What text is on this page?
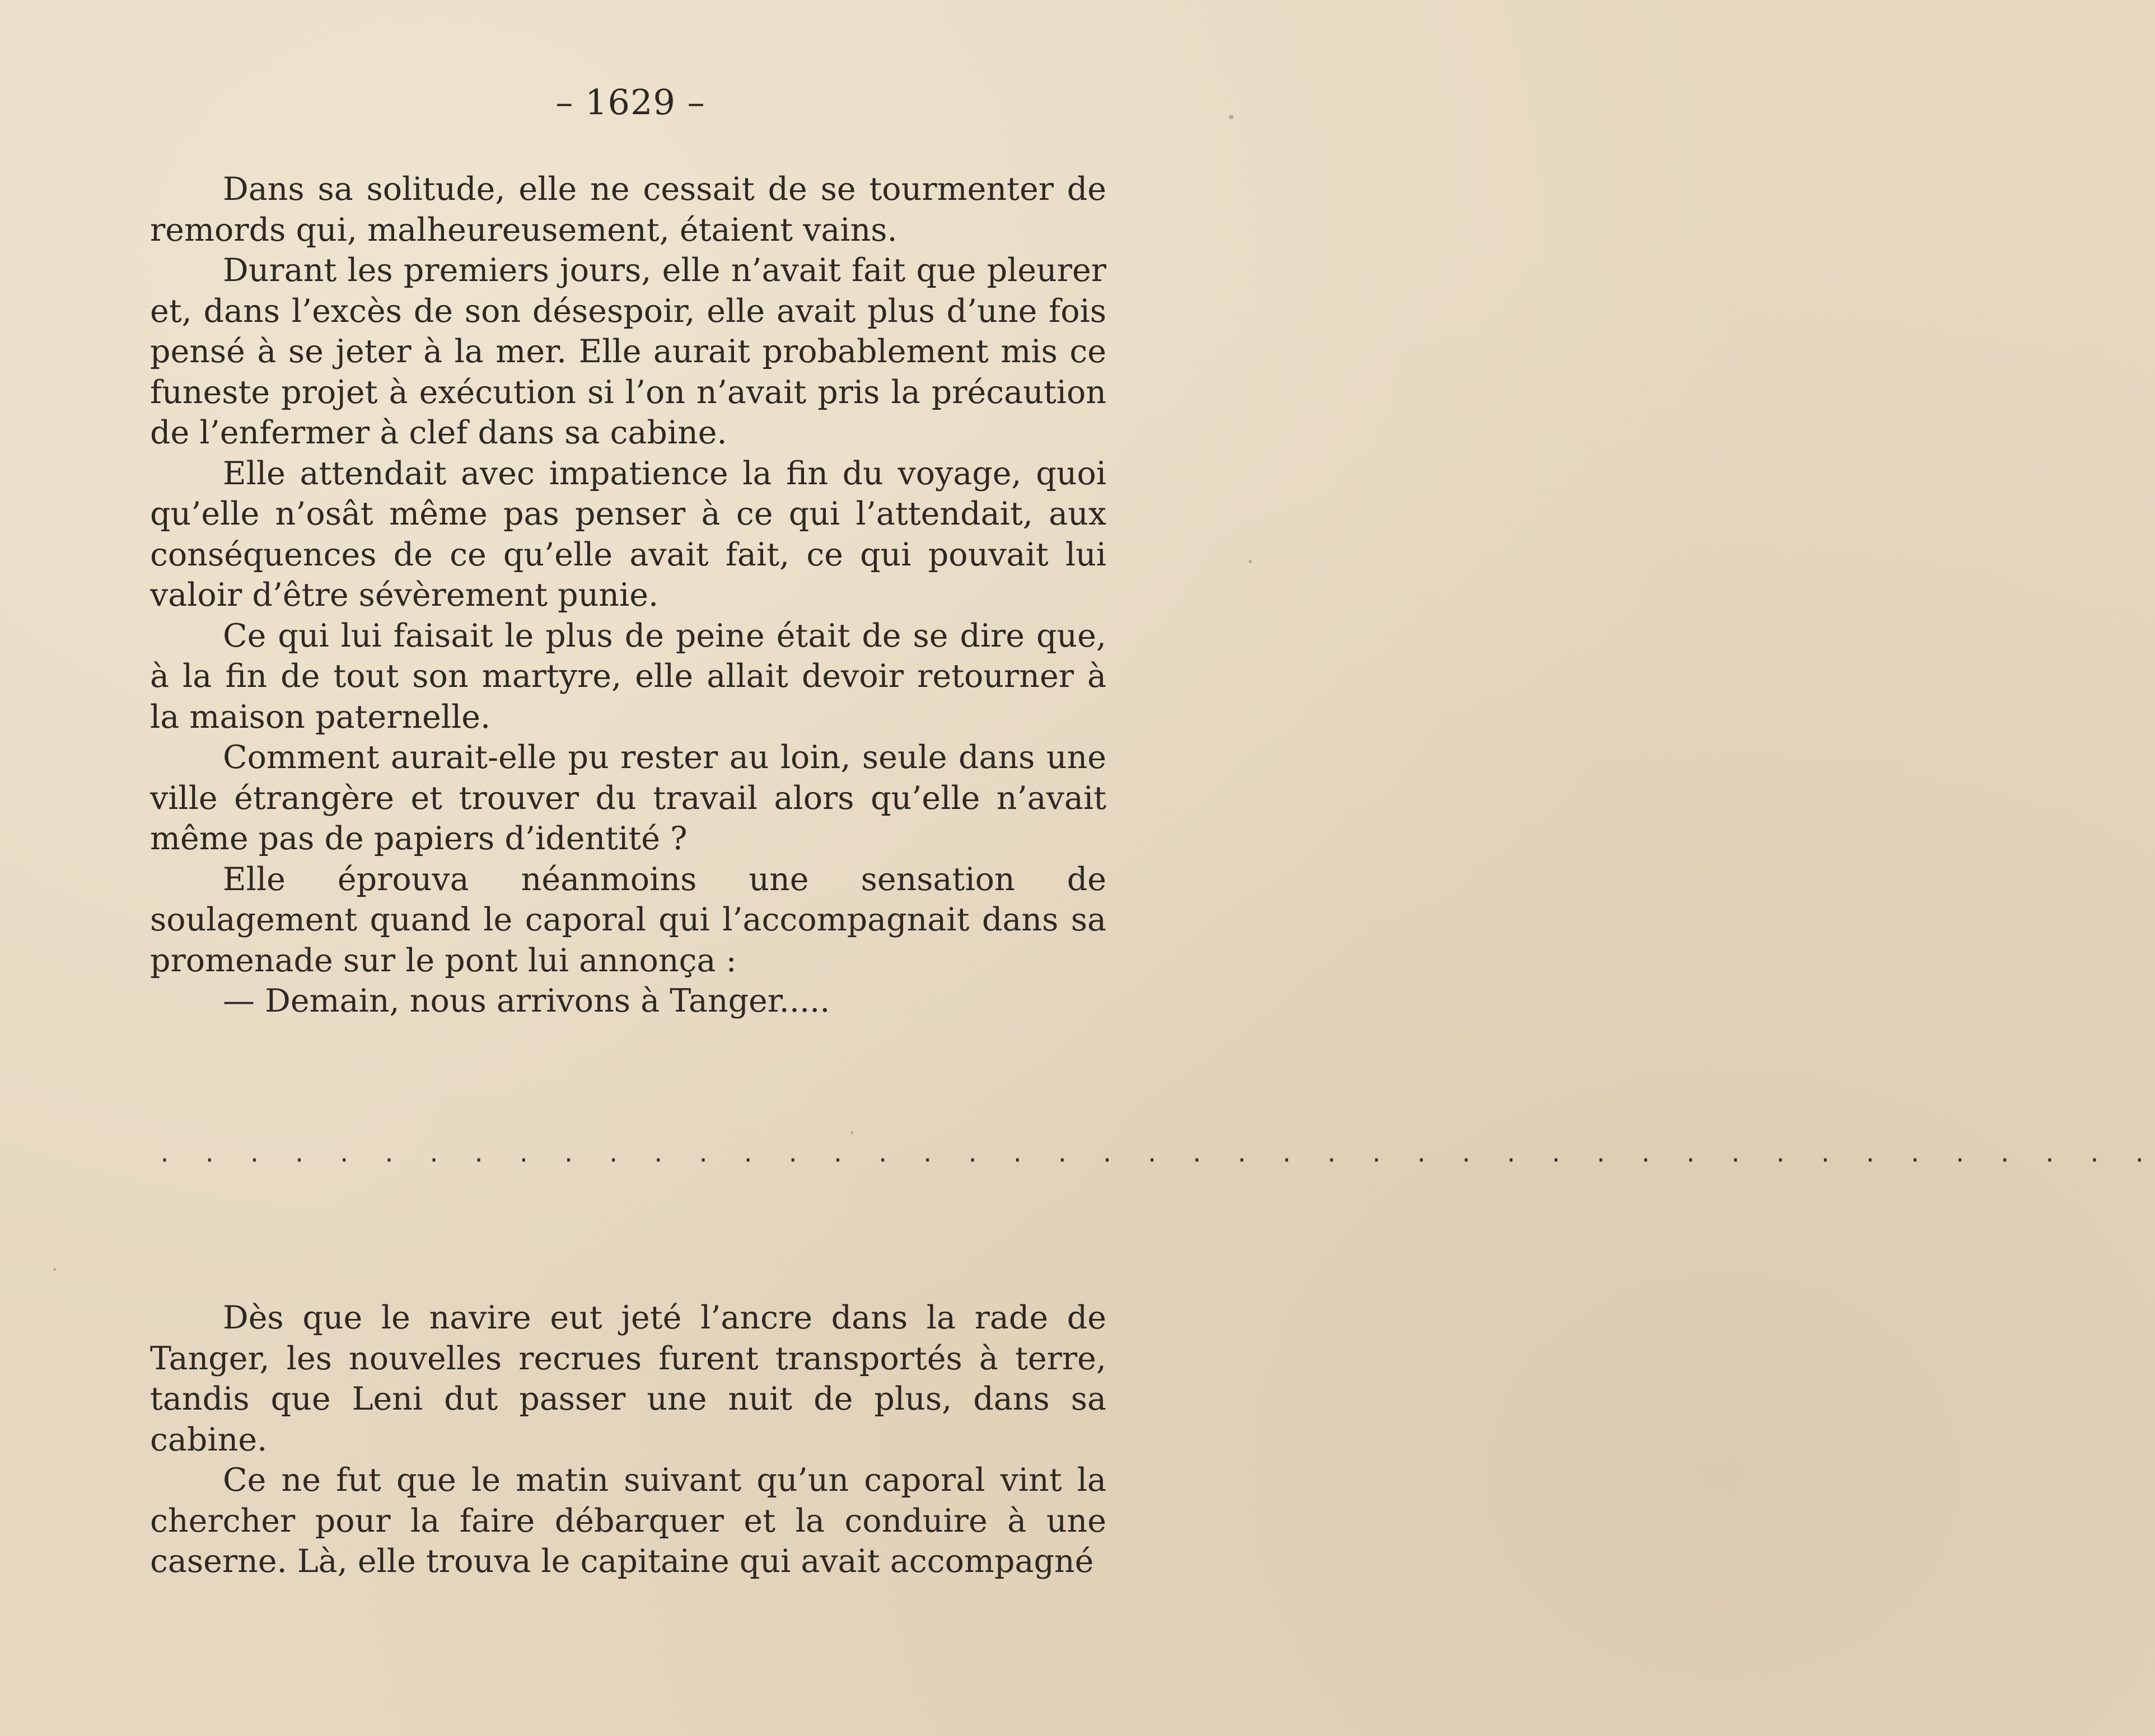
– 1629 –

Dans sa solitude, elle ne cessait de se tourmenter de remords qui, malheureusement, étaient vains.

Durant les premiers jours, elle n’avait fait que pleurer et, dans l’excès de son désespoir, elle avait plus d’une fois pensé à se jeter à la mer. Elle aurait probablement mis ce funeste projet à exécution si l’on n’avait pris la précaution de l’enfermer à clef dans sa cabine.

Elle attendait avec impatience la fin du voyage, quoi qu’elle n’osât même pas penser à ce qui l’attendait, aux conséquences de ce qu’elle avait fait, ce qui pouvait lui valoir d’être sévèrement punie.

Ce qui lui faisait le plus de peine était de se dire que, à la fin de tout son martyre, elle allait devoir retourner à la maison paternelle.

Comment aurait-elle pu rester au loin, seule dans une ville étrangère et trouver du travail alors qu’elle n’avait même pas de papiers d’identité ?

Elle éprouva néanmoins une sensation de soulagement quand le caporal qui l’accompagnait dans sa promenade sur le pont lui annonça :

— Demain, nous arrivons à Tanger.....

. . . . . . . . . . . . . . . . . . . . . . . . . . . . . . . . . . . . . . . . . . . . .

Dès que le navire eut jeté l’ancre dans la rade de Tanger, les nouvelles recrues furent transportés à terre, tandis que Leni dut passer une nuit de plus, dans sa cabine.

Ce ne fut que le matin suivant qu’un caporal vint la chercher pour la faire débarquer et la conduire à une caserne. Là, elle trouva le capitaine qui avait accompagné
